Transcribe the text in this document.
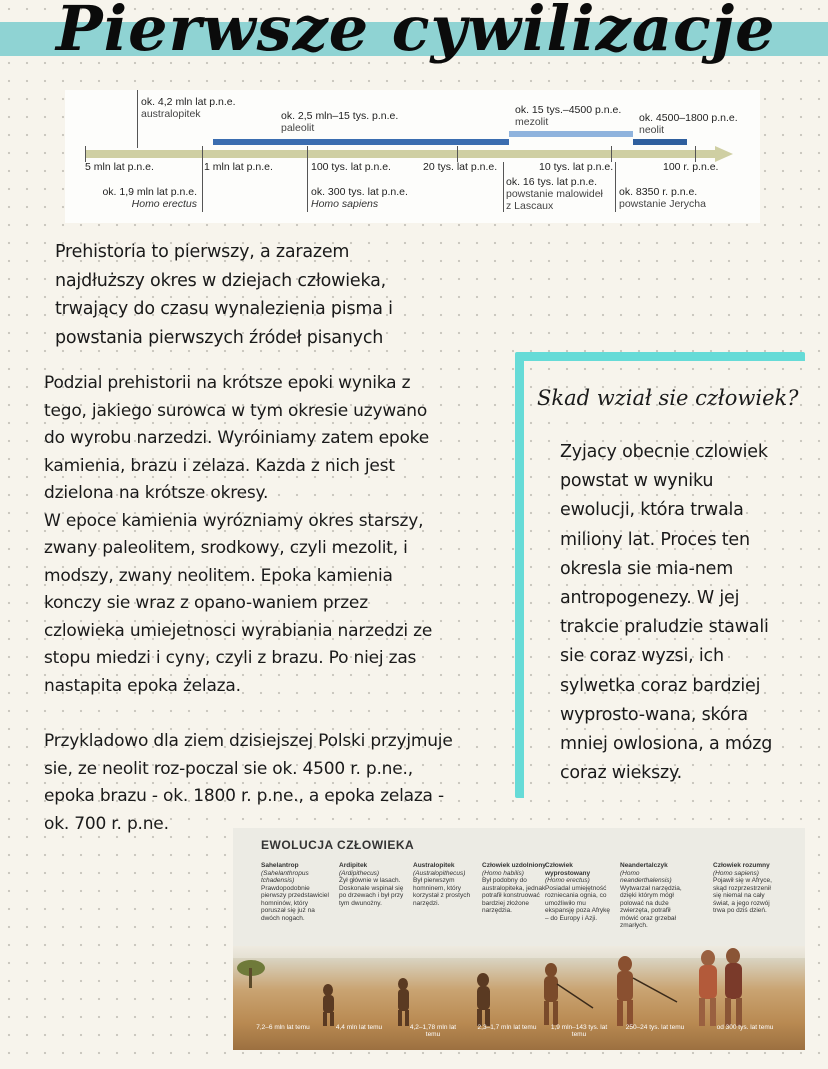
Pierwsze cywilizacje
ok. 4,2 mln lat p.n.e.
australopitek	ok. 2,5 mln–15 tys. p.n.e.
paleolit
ok. 15 tys.–4500 p.n.e.
mezolit	ok. 4500–1800 p.n.e.
neolit
5 mln lat p.n.e.	1 mln lat p.n.e.	100 tys. lat p.n.e.	20 tys. lat p.n.e.	10 tys. lat p.n.e.	100 r. p.n.e.
ok. 1,9 mln lat p.n.e.
Homo erectus
ok. 300 tys. lat p.n.e.
Homo sapiens
ok. 16 tys. lat p.n.e.
powstanie malowideł
z Lascaux
ok. 8350 r. p.n.e.
powstanie Jerycha
Prehistoria to pierwszy, a zarazem
najdłuższy okres w dziejach człowieka,
trwający do czasu wynalezienia pisma i
powstania pierwszych źródeł pisanych
Podzial prehistorii na krótsze epoki wynika z
tego, jakiego surowca w tym okresie uzywano
do wyrobu narzedzi. Wyróiniamy zatem epoke
kamienia, brazu i zelaza. Kazda z nich jest
dzielona na krótsze okresy.
W epoce kamienia wyrózniamy okres starszy,
zwany paleolitem, srodkowy, czyli mezolit, i
modszy, zwany neolitem. Epoka kamienia
konczy sie wraz z opano-waniem przez
czlowieka umiejetnosci wyrabiania narzedzi ze
stopu miedzi i cyny, czyli z brazu. Po niej zas
nastapita epoka żelaza.
Przykladowo dla ziem dzisiejszej Polski przyjmuje
sie, ze neolit roz-poczal sie ok. 4500 r. p.ne.,
epoka brazu - ok. 1800 r. p.ne., a epoka zelaza -
ok. 700 r. p.ne.
Skad wział sie człowiek?
Zyjacy obecnie czlowiek
powstat w wyniku
ewolucji, która trwala
miliony lat. Proces ten
okresla sie mia-nem
antropogenezy. W jej
trakcie praludzie stawali
sie coraz wyzsi, ich
sylwetka coraz bardziej
wyprosto-wana, skóra
mniej owlosiona, a mózg
coraz wiekszy.
EWOLUCJA CZŁOWIEKA
Sahelantrop
(Sahelanthropus tchadensis)
Prawdopodobnie pierwszy przedstawiciel homninów, który poruszał się już na dwóch nogach.
Ardipitek
(Ardipithecus)
Żył głównie w lasach. Doskonale wspinał się po drzewach i był przy tym dwunożny.
Australopitek
(Australopithecus)
Był pierwszym homninem, który korzystał z prostych narzędzi.
Człowiek uzdolniony
(Homo habilis)
Był podobny do australopiteka, jednak potrafił konstruować bardziej złożone narzędzia.
Człowiek wyprostowany
(Homo erectus)
Posiadał umiejętność rozniecania ognia, co umożliwiło mu ekspansję poza Afrykę – do Europy i Azji.
Neandertalczyk
(Homo neanderthalensis)
Wytwarzał narzędzia, dzięki którym mógł polować na duże zwierzęta, potrafił mówić oraz grzebał zmarłych.
Człowiek rozumny
(Homo sapiens)
Pojawił się w Afryce, skąd rozprzestrzenił się niemal na cały świat, a jego rozwój trwa po dziś dzień.
7,2–6 mln lat temu	4,4 mln lat temu	4,2–1,78 mln lat temu
2,3–1,7 mln lat temu 1,9 mln–143 tys. lat temu
250–24 tys. lat temu	od 300 tys. lat temu
